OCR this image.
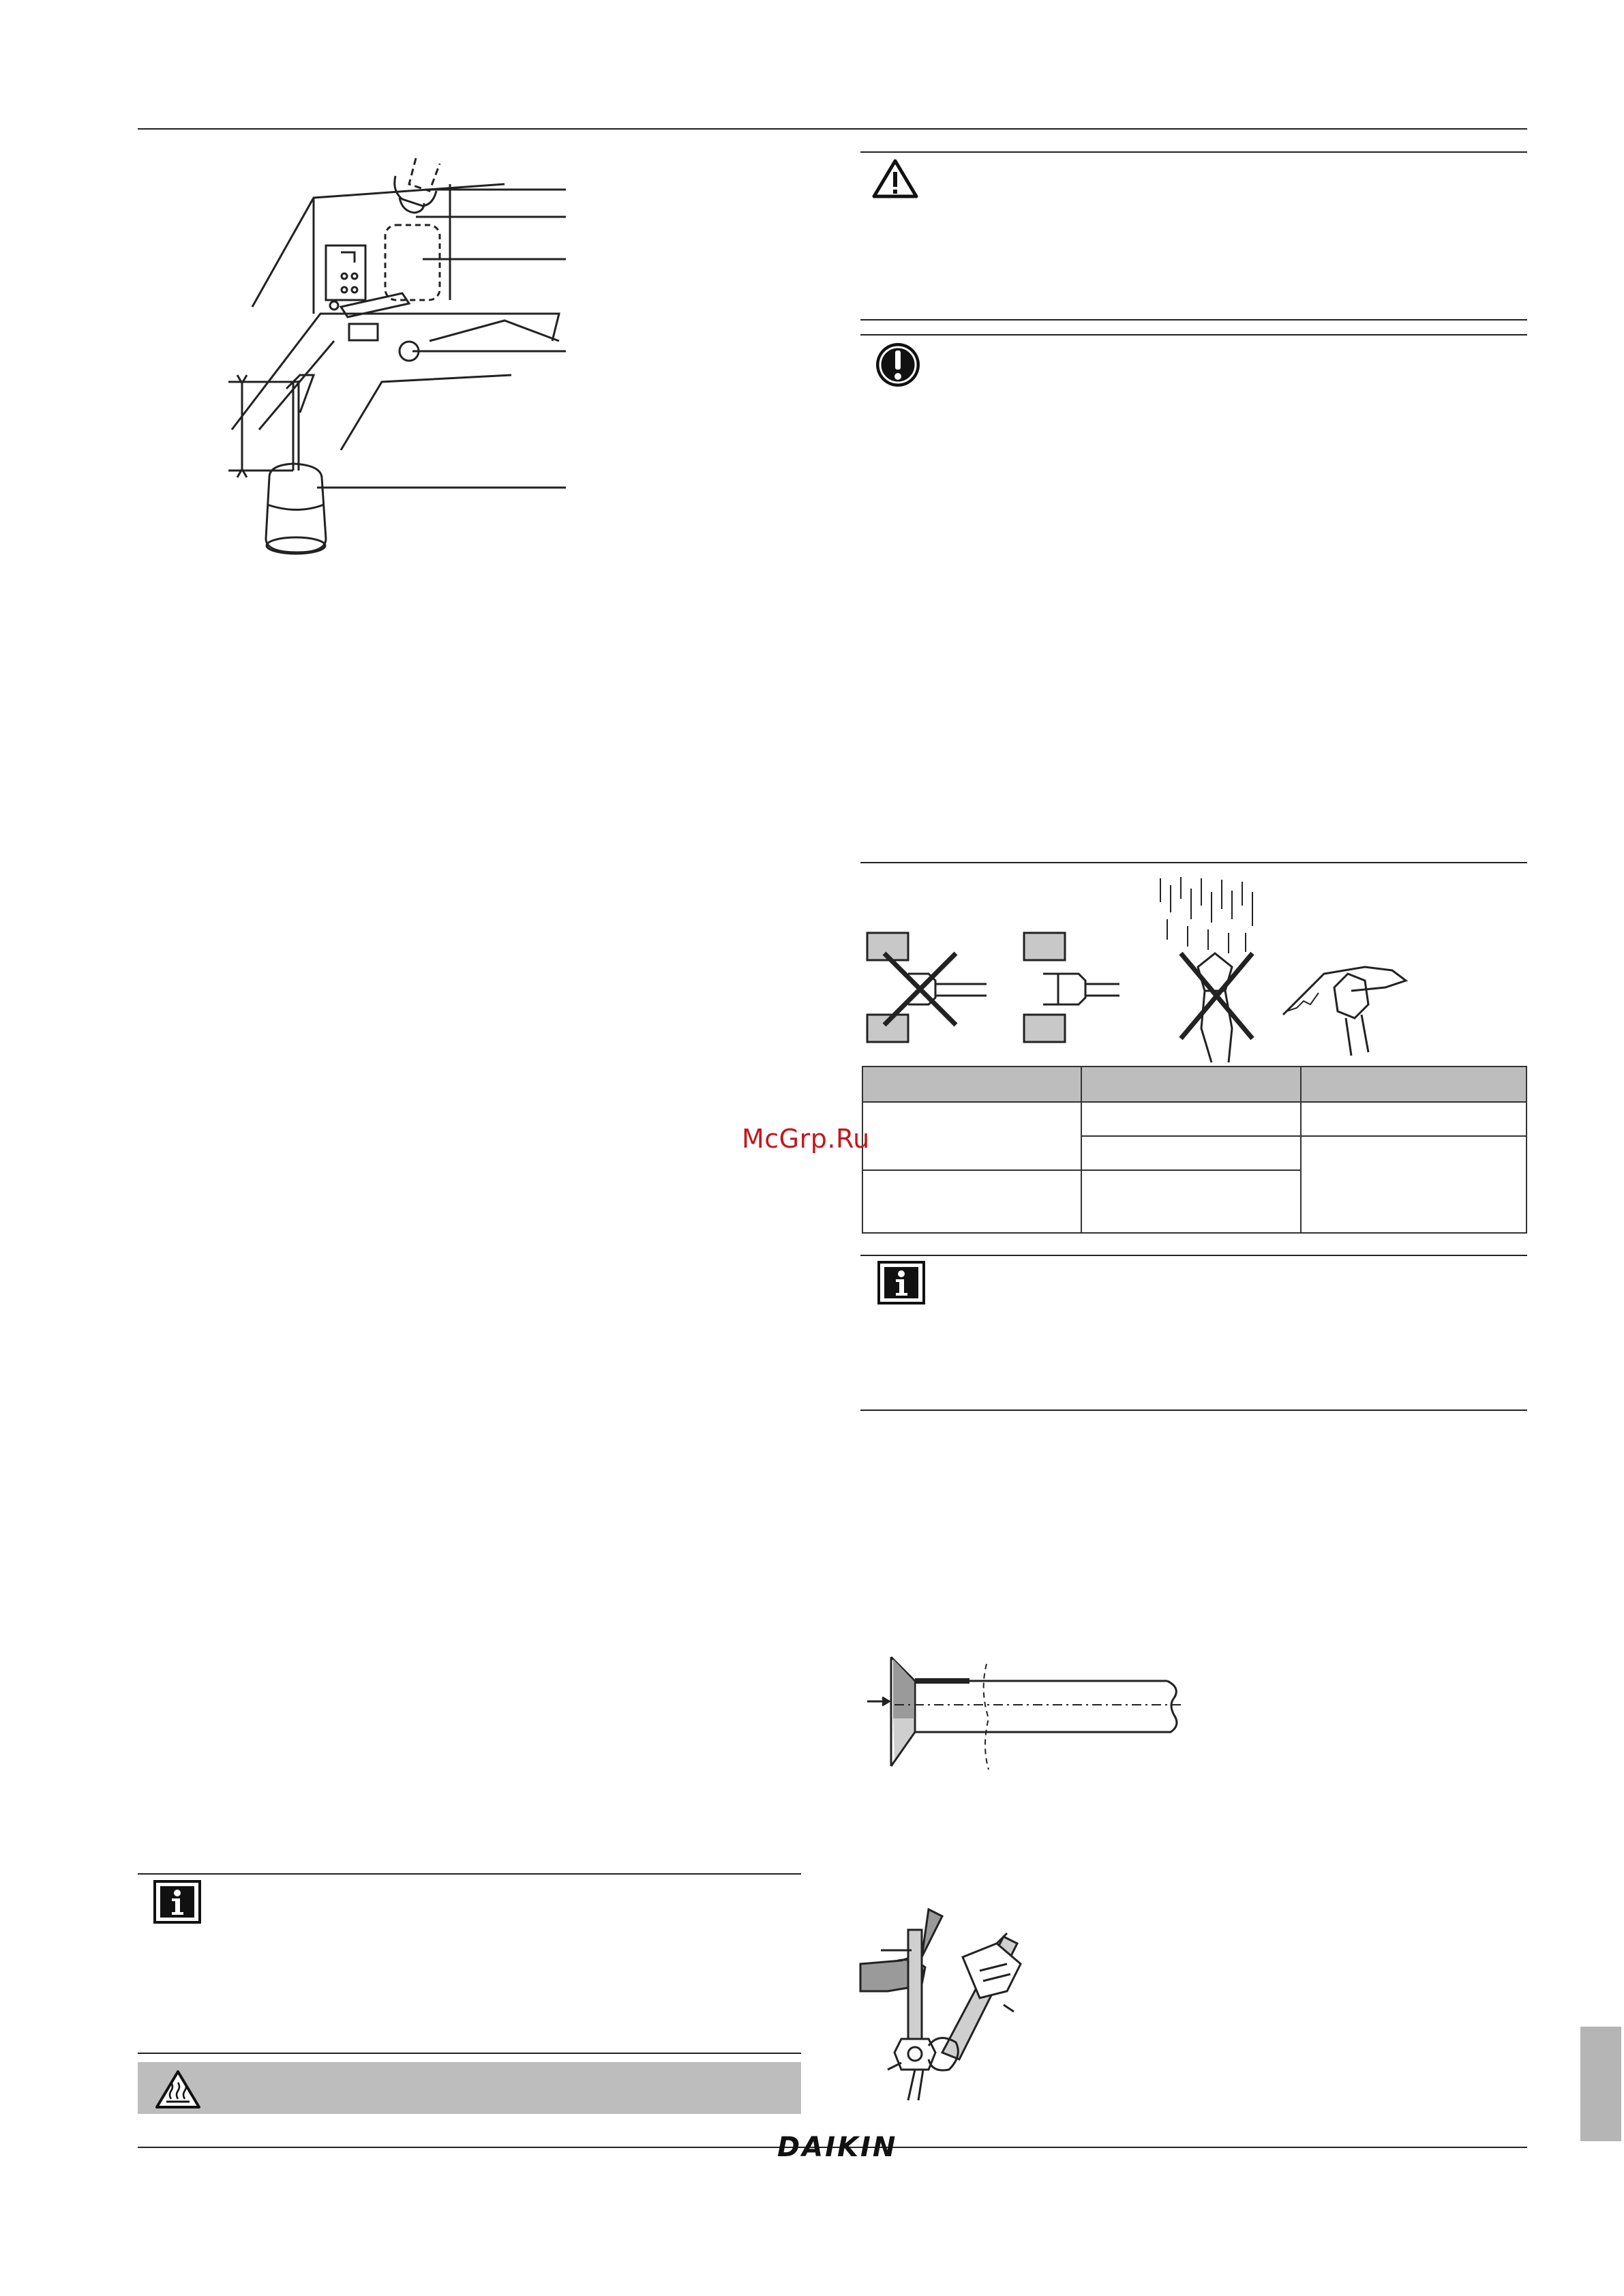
McGrp.Ru
DAIKIN
